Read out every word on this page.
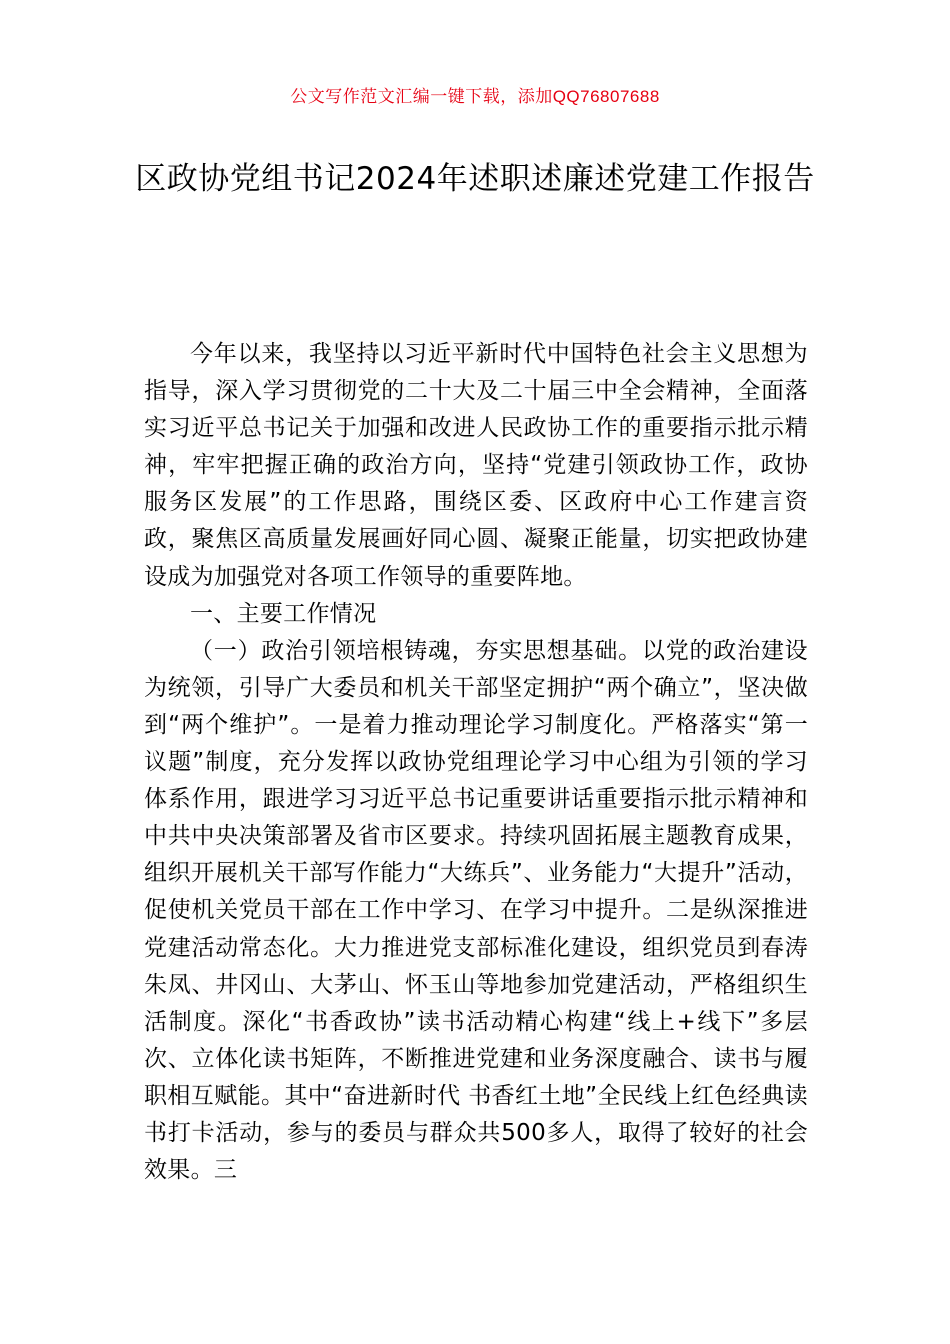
公文写作范文汇编一键下载，添加QQ76807688
区政协党组书记2024年述职述廉述党建工作报告

今年以来，我坚持以习近平新时代中国特色社会主义思想为指导，深入学习贯彻党的二十大及二十届三中全会精神，全面落实习近平总书记关于加强和改进人民政协工作的重要指示批示精神，牢牢把握正确的政治方向，坚持“党建引领政协工作，政协服务区发展”的工作思路，围绕区委、区政府中心工作建言资政，聚焦区高质量发展画好同心圆、凝聚正能量，切实把政协建设成为加强党对各项工作领导的重要阵地。

一、主要工作情况

（一）政治引领培根铸魂，夯实思想基础。以党的政治建设为统领，引导广大委员和机关干部坚定拥护“两个确立”，坚决做到“两个维护”。一是着力推动理论学习制度化。严格落实“第一议题”制度，充分发挥以政协党组理论学习中心组为引领的学习体系作用，跟进学习习近平总书记重要讲话重要指示批示精神和中共中央决策部署及省市区要求。持续巩固拓展主题教育成果，组织开展机关干部写作能力“大练兵”、业务能力“大提升”活动，促使机关党员干部在工作中学习、在学习中提升。二是纵深推进党建活动常态化。大力推进党支部标准化建设，组织党员到春涛朱凤、井冈山、大茅山、怀玉山等地参加党建活动，严格组织生活制度。深化“书香政协”读书活动精心构建“线上+线下”多层次、立体化读书矩阵，不断推进党建和业务深度融合、读书与履职相互赋能。其中“奋进新时代 书香红土地”全民线上红色经典读书打卡活动，参与的委员与群众共500多人，取得了较好的社会效果。三
